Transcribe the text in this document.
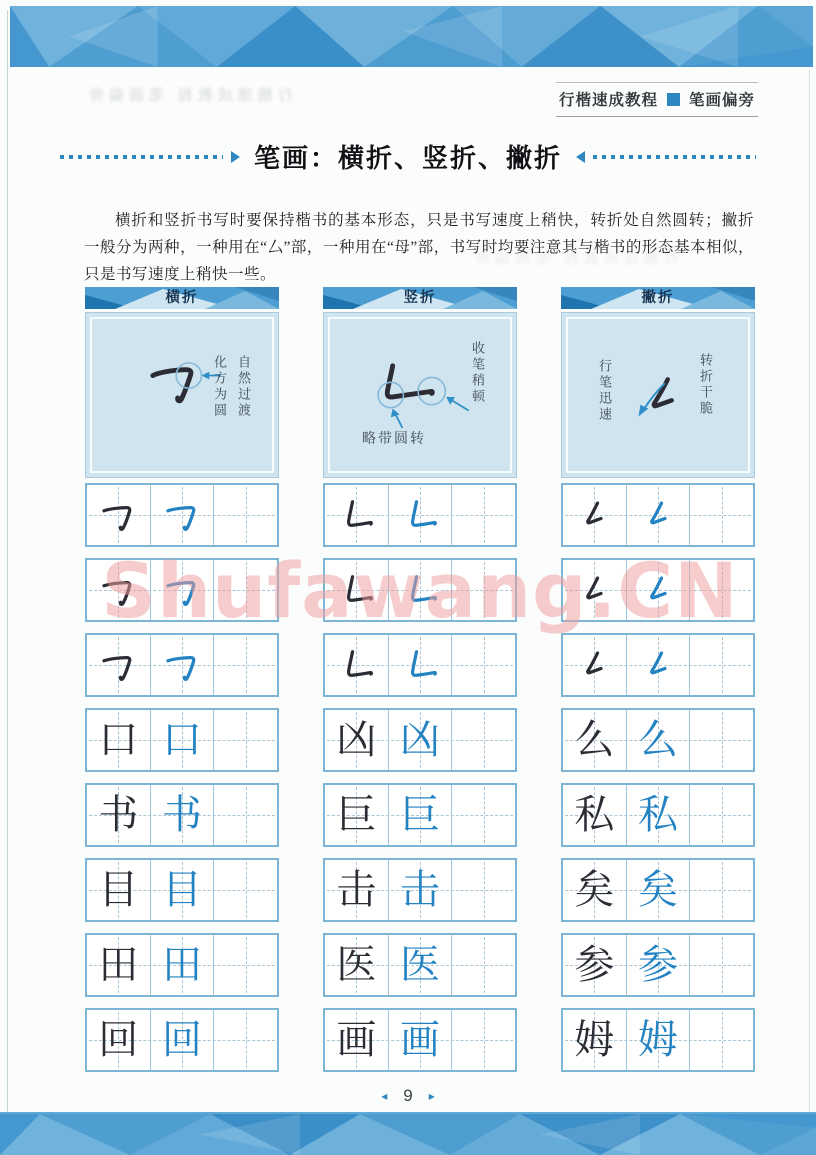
行楷速成教程 笔画偏旁
行楷速成教程 笔画偏旁
行楷速成教程 笔画偏旁
笔画：横折、竖折、撇折

横折和竖折书写时要保持楷书的基本形态，只是书写速度上稍快，转折处自然圆转；撇折一般分为两种，一种用在“厶”部，一种用在“母”部，书写时均要注意其与楷书的形态基本相似，只是书写速度上稍快一些。

横折
自然过渡
化方为圆
口 口
书 书
目 目
田 田
回 回
竖折
收笔稍顿
略带圆转
凶 凶
巨 巨
击 击
医 医
画 画
撇折
转折干脆
行笔迅速
么 么
私 私
矣 矣
参 参
姆 姆
Shufawang.CN
◂ 9 ▸
